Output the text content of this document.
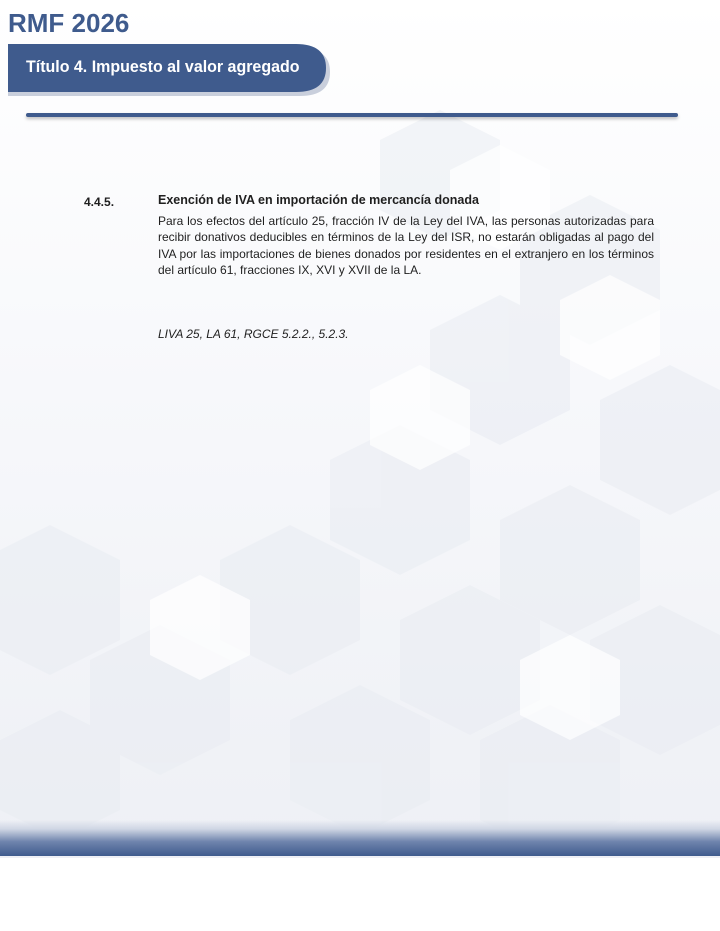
RMF 2026
Título 4. Impuesto al valor agregado
4.4.5.	Exención de IVA en importación de mercancía donada

Para los efectos del artículo 25, fracción IV de la Ley del IVA, las personas autorizadas para recibir donativos deducibles en términos de la Ley del ISR, no estarán obligadas al pago del IVA por las importaciones de bienes donados por residentes en el extranjero en los términos del artículo 61, fracciones IX, XVI y XVII de la LA.

LIVA 25, LA 61, RGCE 5.2.2., 5.2.3.
